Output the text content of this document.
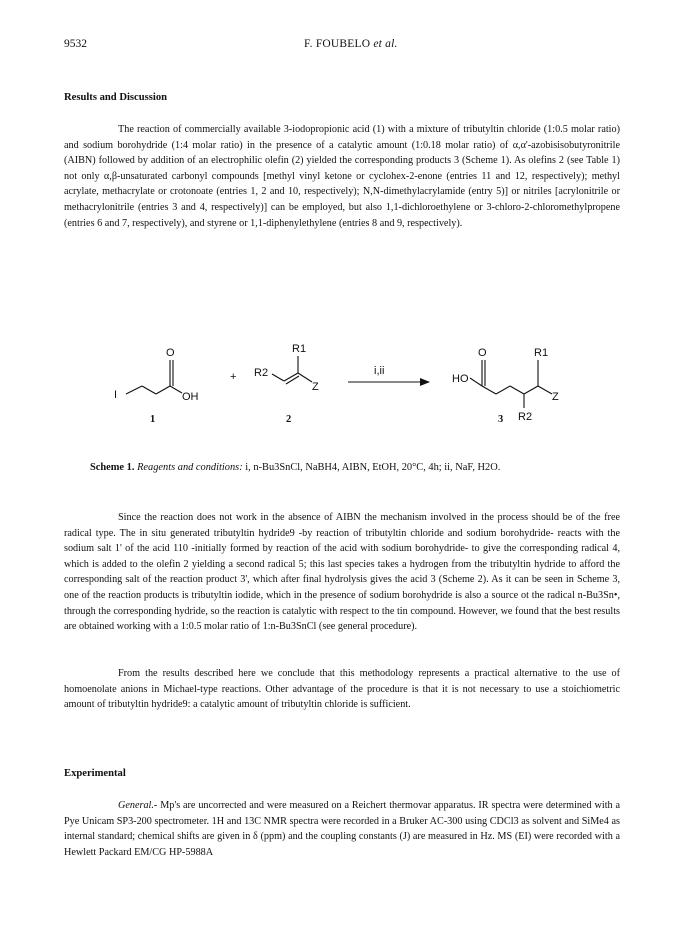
9532	F. FOUBELO et al.
Results and Discussion

The reaction of commercially available 3-iodopropionic acid (1) with a mixture of tributyltin chloride (1:0.5 molar ratio) and sodium borohydride (1:4 molar ratio) in the presence of a catalytic amount (1:0.18 molar ratio) of α,α'-azobisisobutyronitrile (AIBN) followed by addition of an electrophilic olefin (2) yielded the corresponding products 3 (Scheme 1). As olefins 2 (see Table 1) not only α,β-unsaturated carbonyl compounds [methyl vinyl ketone or cyclohex-2-enone (entries 11 and 12, respectively); methyl acrylate, methacrylate or crotonoate (entries 1, 2 and 10, respectively); N,N-dimethylacrylamide (entry 5)] or nitriles [acrylonitrile or methacrylonitrile (entries 3 and 4, respectively)] can be employed, but also 1,1-dichloroethylene or 3-chloro-2-chloromethylpropene (entries 6 and 7, respectively), and styrene or 1,1-diphenylethylene (entries 8 and 9, respectively).

I
O
OH
1
+ R2
R1
Z
2
i,ii
HO
O	R1
R2
Z
3
Scheme 1. Reagents and conditions: i, n-Bu3SnCl, NaBH4, AIBN, EtOH, 20°C, 4h; ii, NaF, H2O.

Since the reaction does not work in the absence of AIBN the mechanism involved in the process should be of the free radical type. The in situ generated tributyltin hydride9 -by reaction of tributyltin chloride and sodium borohydride- reacts with the sodium salt 1' of the acid 110 -initially formed by reaction of the acid with sodium borohydride- to give the corresponding radical 4, which is added to the olefin 2 yielding a second radical 5; this last species takes a hydrogen from the tributyltin hydride to afford the corresponding salt of the reaction product 3', which after final hydrolysis gives the acid 3 (Scheme 2). As it can be seen in Scheme 3, one of the reaction products is tributyltin iodide, which in the presence of sodium borohydride is also a source ot the radical n-Bu3Sn•, through the corresponding hydride, so the reaction is catalytic with respect to the tin compound. However, we found that the best results are obtained working with a 1:0.5 molar ratio of 1:n-Bu3SnCl (see general procedure).

From the results described here we conclude that this methodology represents a practical alternative to the use of homoenolate anions in Michael-type reactions. Other advantage of the procedure is that it is not necessary to use a stoichiometric amount of tributyltin hydride9: a catalytic amount of tributyltin chloride is sufficient.

Experimental

General.- Mp's are uncorrected and were measured on a Reichert thermovar apparatus. IR spectra were determined with a Pye Unicam SP3-200 spectrometer. 1H and 13C NMR spectra were recorded in a Bruker AC-300 using CDCl3 as solvent and SiMe4 as internal standard; chemical shifts are given in δ (ppm) and the coupling constants (J) are measured in Hz. MS (EI) were recorded with a Hewlett Packard EM/CG HP-5988A
